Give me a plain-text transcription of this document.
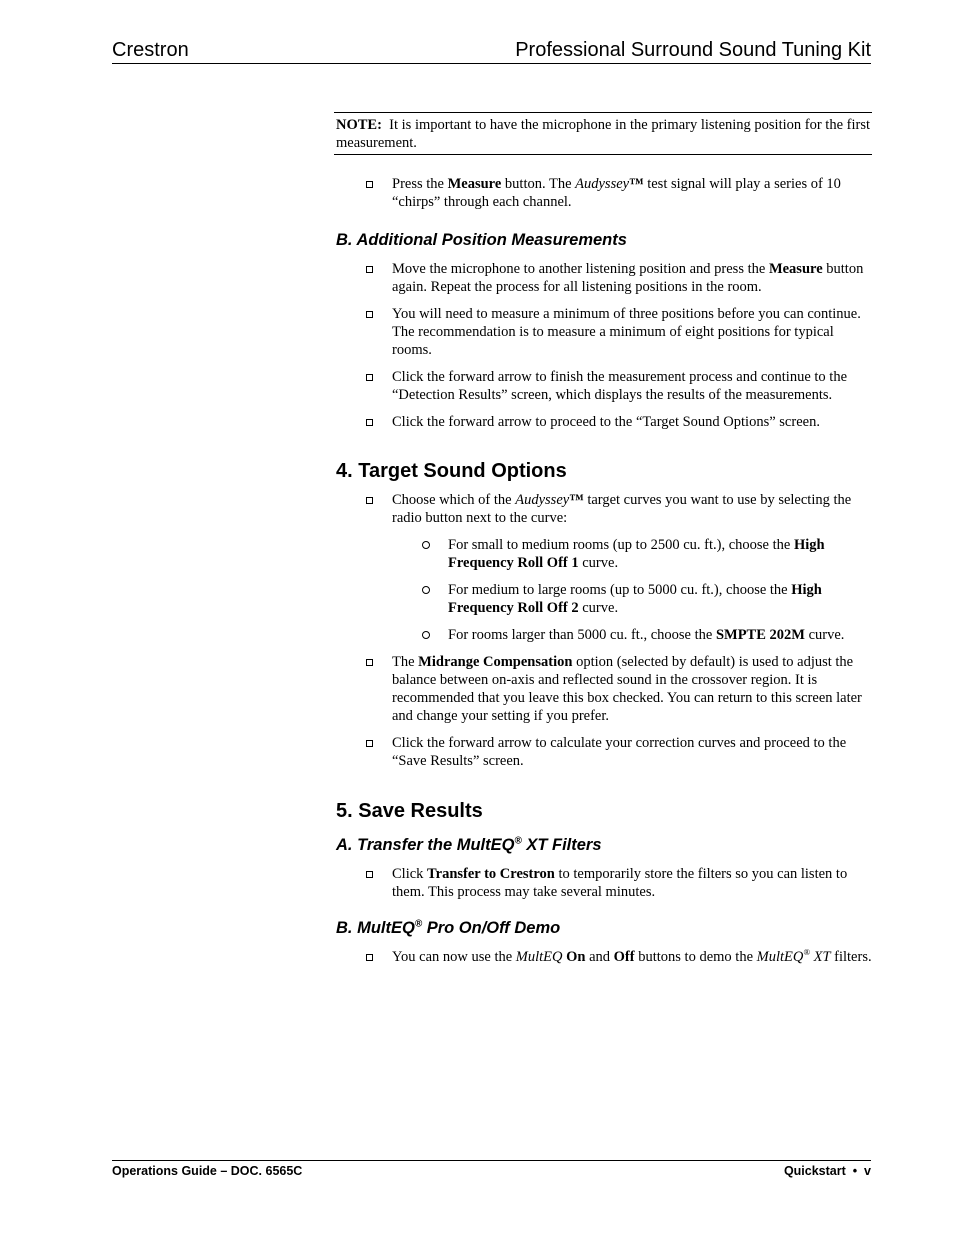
Crestron	Professional Surround Sound Tuning Kit
NOTE: It is important to have the microphone in the primary listening position for the first measurement.
Press the Measure button. The Audyssey™ test signal will play a series of 10 “chirps” through each channel.
B. Additional Position Measurements
Move the microphone to another listening position and press the Measure button again. Repeat the process for all listening positions in the room.
You will need to measure a minimum of three positions before you can continue. The recommendation is to measure a minimum of eight positions for typical rooms.
Click the forward arrow to finish the measurement process and continue to the “Detection Results” screen, which displays the results of the measurements.
Click the forward arrow to proceed to the “Target Sound Options” screen.
4. Target Sound Options
Choose which of the Audyssey™ target curves you want to use by selecting the radio button next to the curve:
For small to medium rooms (up to 2500 cu. ft.), choose the High Frequency Roll Off 1 curve.
For medium to large rooms (up to 5000 cu. ft.), choose the High Frequency Roll Off 2 curve.
For rooms larger than 5000 cu. ft., choose the SMPTE 202M curve.
The Midrange Compensation option (selected by default) is used to adjust the balance between on-axis and reflected sound in the crossover region. It is recommended that you leave this box checked. You can return to this screen later and change your setting if you prefer.
Click the forward arrow to calculate your correction curves and proceed to the “Save Results” screen.
5. Save Results
A. Transfer the MultEQ® XT Filters
Click Transfer to Crestron to temporarily store the filters so you can listen to them. This process may take several minutes.
B. MultEQ® Pro On/Off Demo
You can now use the MultEQ On and Off buttons to demo the MultEQ® XT filters.
Operations Guide – DOC. 6565C	Quickstart  •  v
